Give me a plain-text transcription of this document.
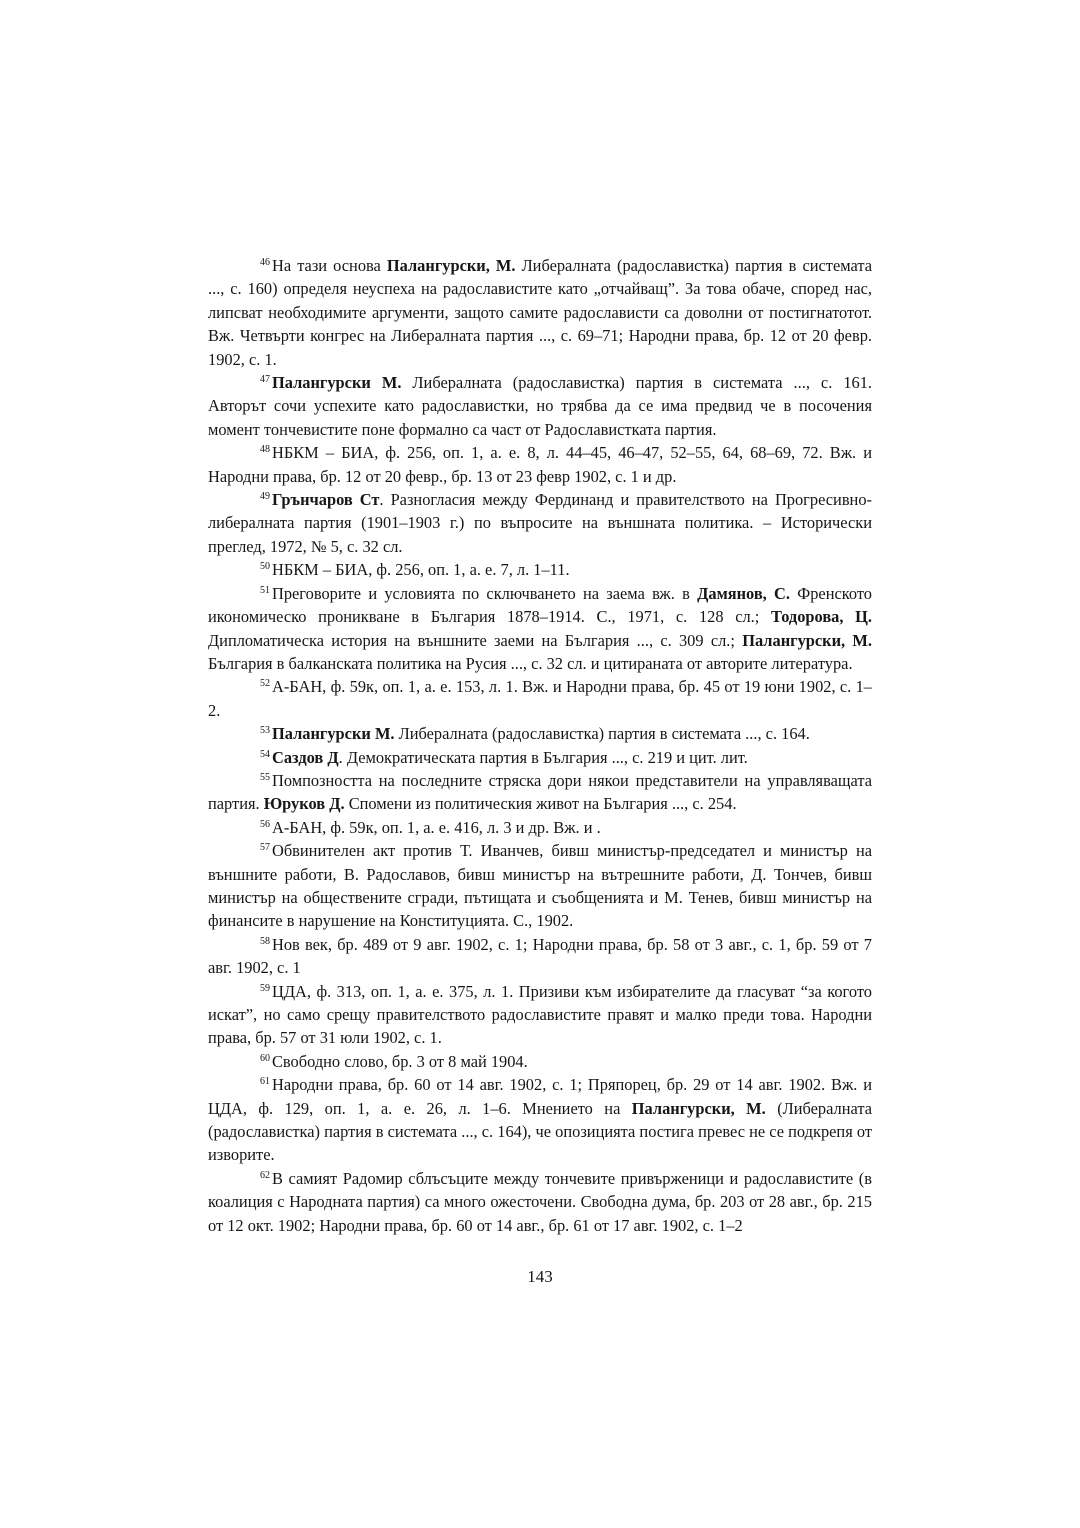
$^{46}$ На тази основа Палангурски, М. Либералната (радославистка) партия в системата ..., с. 160) определя неуспеха на радославистите като „отчайващ”. За това обаче, според нас, липсват необходимите аргументи, защото самите радослависти са доволни от постигнатотот. Вж. Четвърти конгрес на Либералната партия ..., с. 69–71; Народни права, бр. 12 от 20 февр. 1902, с. 1.

$^{47}$ Палангурски М. Либералната (радославистка) партия в системата ..., с. 161. Авторът сочи успехите като радославистки, но трябва да се има предвид че в посочения момент тончевистите поне формално са част от Радославистката партия.

$^{48}$ НБКМ – БИА, ф. 256, оп. 1, а. е. 8, л. 44–45, 46–47, 52–55, 64, 68–69, 72. Вж. и Народни права, бр. 12 от 20 февр., бр. 13 от 23 февр 1902, с. 1 и др.

$^{49}$ Грънчаров Ст. Разногласия между Фердинанд и правителството на Прогресивно-либералната партия (1901–1903 г.) по въпросите на външната политика. – Исторически преглед, 1972, № 5, с. 32 сл.

$^{50}$ НБКМ – БИА, ф. 256, оп. 1, а. е. 7, л. 1–11.

$^{51}$ Преговорите и условията по сключването на заема вж. в Дамянов, С. Френското икономическо проникване в България 1878–1914. С., 1971, с. 128 сл.; Тодорова, Ц. Дипломатическа история на външните заеми на България ..., с. 309 сл.; Палангурски, М. България в балканската политика на Русия ..., с. 32 сл. и цитираната от авторите литература.

$^{52}$ А-БАН, ф. 59к, оп. 1, а. е. 153, л. 1. Вж. и Народни права, бр. 45 от 19 юни 1902, с. 1–2.

$^{53}$ Палангурски М. Либералната (радославистка) партия в системата ..., с. 164.

$^{54}$ Саздов Д. Демократическата партия в България ..., с. 219 и цит. лит.

$^{55}$ Помпозността на последните стряска дори някои представители на управляващата партия. Юруков Д. Спомени из политическия живот на България ..., с. 254.

$^{56}$ А-БАН, ф. 59к, оп. 1, а. е. 416, л. 3 и др. Вж. и .

$^{57}$ Обвинителен акт против Т. Иванчев, бивш министър-председател и министър на външните работи, В. Радославов, бивш министър на вътрешните работи, Д. Тончев, бивш министър на обществените сгради, пътищата и съобщенията и М. Тенев, бивш министър на финансите в нарушение на Конституцията. С., 1902.

$^{58}$ Нов век, бр. 489 от 9 авг. 1902, с. 1; Народни права, бр. 58 от 3 авг., с. 1, бр. 59 от 7 авг. 1902, с. 1

$^{59}$ ЦДА, ф. 313, оп. 1, а. е. 375, л. 1. Призиви към избирателите да гласуват “за когото искат”, но само срещу правителството радославистите правят и малко преди това. Народни права, бр. 57 от 31 юли 1902, с. 1.

$^{60}$ Свободно слово, бр. 3 от 8 май 1904.

$^{61}$ Народни права, бр. 60 от 14 авг. 1902, с. 1; Пряпорец, бр. 29 от 14 авг. 1902. Вж. и ЦДА, ф. 129, оп. 1, а. е. 26, л. 1–6. Мнението на Палангурски, М. (Либералната (радославистка) партия в системата ..., с. 164), че опозицията постига превес не се подкрепя от изворите.

$^{62}$ В самият Радомир сблъсъците между тончевите привърженици и радославистите (в коалиция с Народната партия) са много ожесточени. Свободна дума, бр. 203 от 28 авг., бр. 215 от 12 окт. 1902; Народни права, бр. 60 от 14 авг., бр. 61 от 17 авг. 1902, с. 1–2

143
